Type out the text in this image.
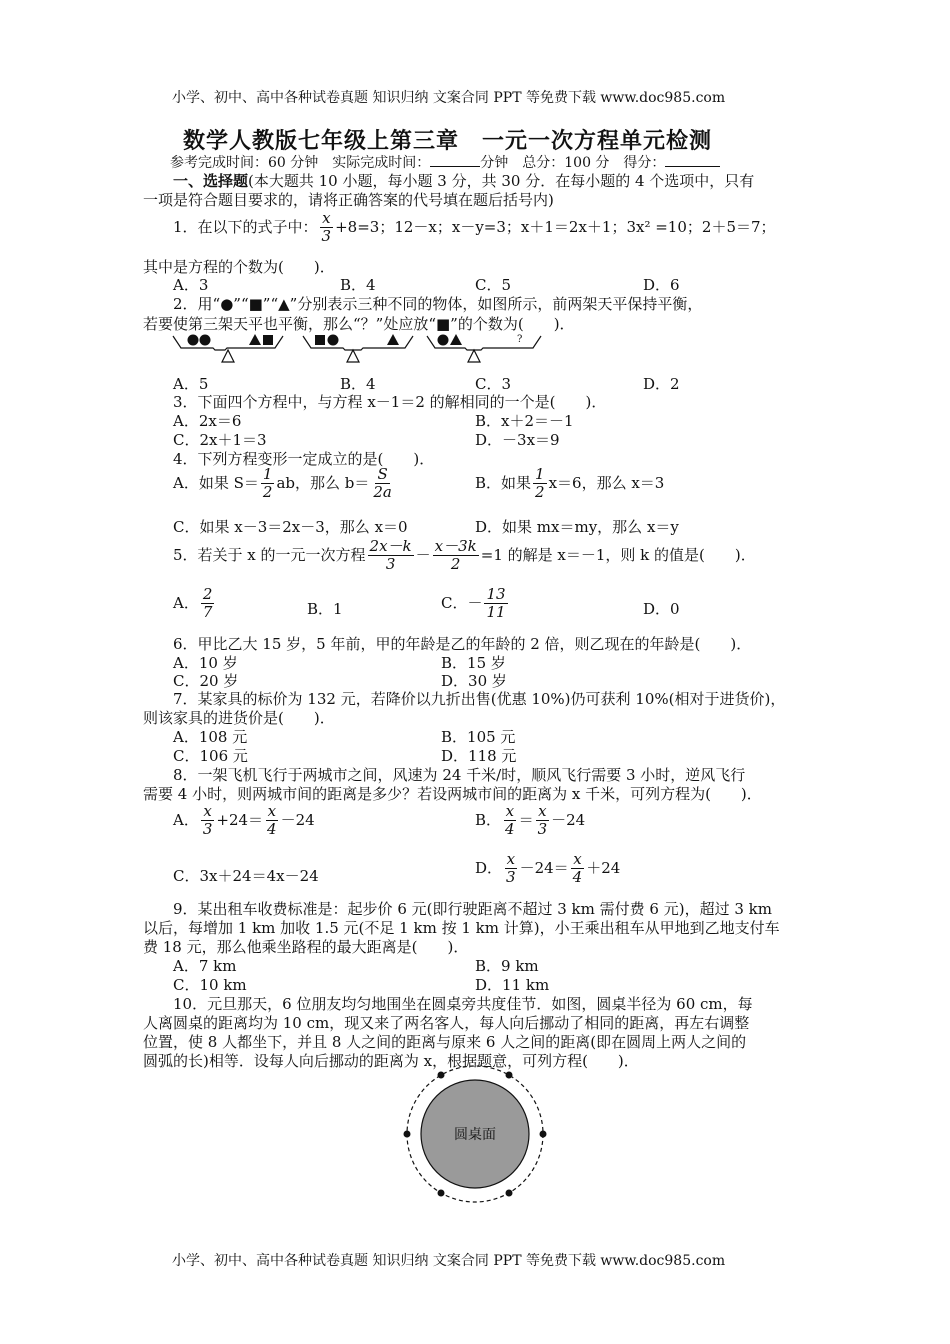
小学、初中、高中各种试卷真题 知识归纳 文案合同 PPT 等免费下载 www.doc985.com
数学人教版七年级上第三章　一元一次方程单元检测
参考完成时间：60 分钟　实际完成时间：	分钟　总分：100 分　得分：
一、选择题(本大题共 10 小题，每小题 3 分，共 30 分．在每小题的 4 个选项中，只有
一项是符合题目要求的，请将正确答案的代号填在题后括号内)
1．在以下的式子中： $\frac{x}{3} +8=3$；12－x；x－y=3；x＋1＝2x＋1；3x² =10；2＋5＝7；
其中是方程的个数为(　　)．
A．3	B．4	C．5	D．6
2．用“●”“■”“▲”分别表示三种不同的物体，如图所示，前两架天平保持平衡，
若要使第三架天平也平衡，那么“？”处应放“■”的个数为(　　)．
?
A．5	B．4	C．3	D．2
3．下面四个方程中，与方程 x－1＝2 的解相同的一个是(　　)．
A．2x＝6	B．x＋2＝－1
C．2x＋1＝3	D．－3x＝9
4．下列方程变形一定成立的是(　　)．
A．如果 $S= \frac{1}{2}$ ab，那么 $b= \frac{S}{2a}$	B．如果 $\frac{1}{2} x=6$，那么 x＝3
C．如果 x－3＝2x－3，那么 x＝0	D．如果 mx＝my，那么 x＝y
5．若关于 x 的一元一次方程 $\frac{2x-k}{3} - \frac{x-3k}{2} =1$ 的解是 x＝－1，则 k 的值是(　　)．
A． $\frac{2}{7}$	B．1	C．－ $\frac{13}{11}$	D．0
6．甲比乙大 15 岁，5 年前，甲的年龄是乙的年龄的 2 倍，则乙现在的年龄是(　　)．
A．10 岁	B．15 岁
C．20 岁	D．30 岁
7．某家具的标价为 132 元，若降价以九折出售(优惠 10%)仍可获利 10%(相对于进货价)，
则该家具的进货价是(　　)．
A．108 元	B．105 元
C．106 元	D．118 元
8．一架飞机飞行于两城市之间，风速为 24 千米/时，顺风飞行需要 3 小时，逆风飞行
需要 4 小时，则两城市间的距离是多少？若设两城市间的距离为 x 千米，可列方程为(　　)．
A． $\frac{x}{3} +24= \frac{x}{4} -24$	B． $\frac{x}{4} = \frac{x}{3} -24$
C．3x＋24＝4x－24	D． $\frac{x}{3} -24= \frac{x}{4} +24$
9．某出租车收费标准是：起步价 6 元(即行驶距离不超过 3 km 需付费 6 元)，超过 3 km
以后，每增加 1 km 加收 1.5 元(不足 1 km 按 1 km 计算)，小王乘出租车从甲地到乙地支付车
费 18 元，那么他乘坐路程的最大距离是(　　)．
A．7 km	B．9 km
C．10 km	D．11 km
10．元旦那天，6 位朋友均匀地围坐在圆桌旁共度佳节．如图，圆桌半径为 60 cm，每
人离圆桌的距离均为 10 cm，现又来了两名客人，每人向后挪动了相同的距离，再左右调整
位置，使 8 人都坐下，并且 8 人之间的距离与原来 6 人之间的距离(即在圆周上两人之间的
圆弧的长)相等．设每人向后挪动的距离为 x，根据题意，可列方程(　　)．
圆桌面
小学、初中、高中各种试卷真题 知识归纳 文案合同 PPT 等免费下载 www.doc985.com
